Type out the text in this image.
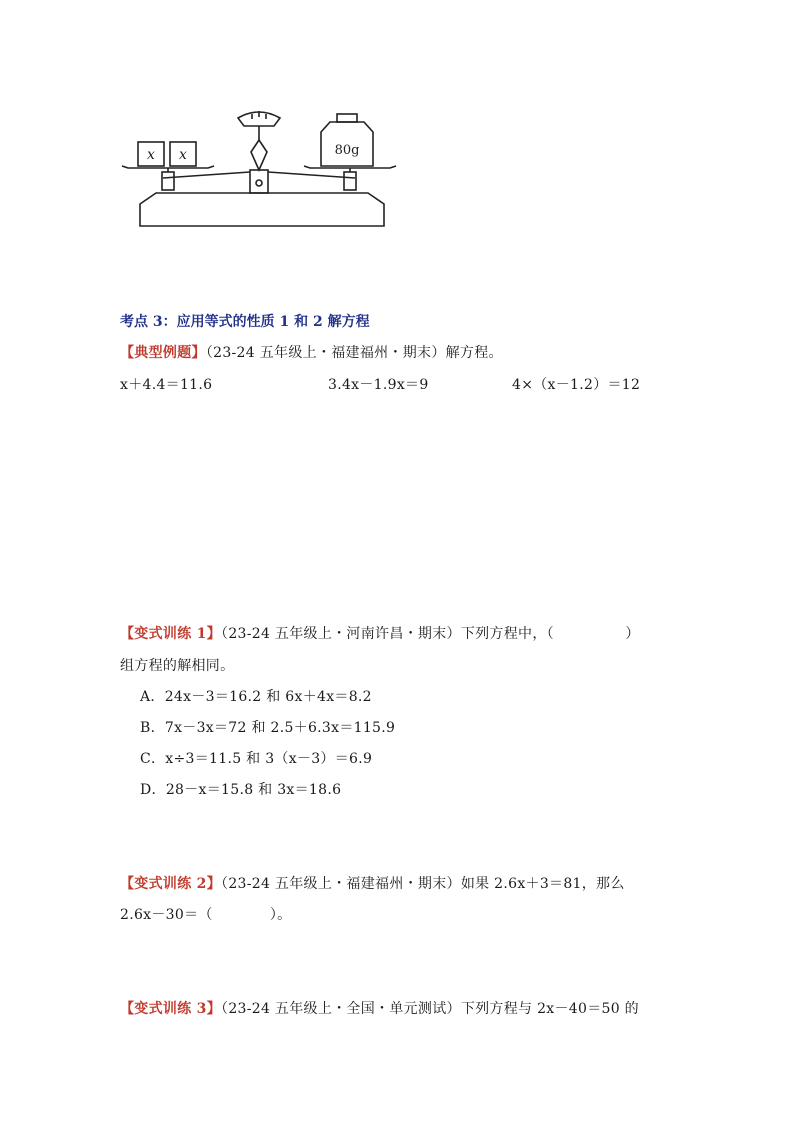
x x	80g
考点 3：应用等式的性质 1 和 2 解方程
【典型例题】（23-24 五年级上・福建福州・期末）解方程。
x＋4.4＝11.6	3.4x－1.9x＝9	4×（x－1.2）＝12
【变式训练 1】（23-24 五年级上・河南许昌・期末）下列方程中，（　　　　　）
组方程的解相同。
A．24x－3＝16.2 和 6x＋4x＝8.2
B．7x－3x＝72 和 2.5＋6.3x＝115.9
C．x÷3＝11.5 和 3（x－3）＝6.9
D．28－x＝15.8 和 3x＝18.6
【变式训练 2】（23-24 五年级上・福建福州・期末）如果 2.6x＋3＝81，那么
2.6x－30＝（　　　　）。
【变式训练 3】（23-24 五年级上・全国・单元测试）下列方程与 2x－40＝50 的
